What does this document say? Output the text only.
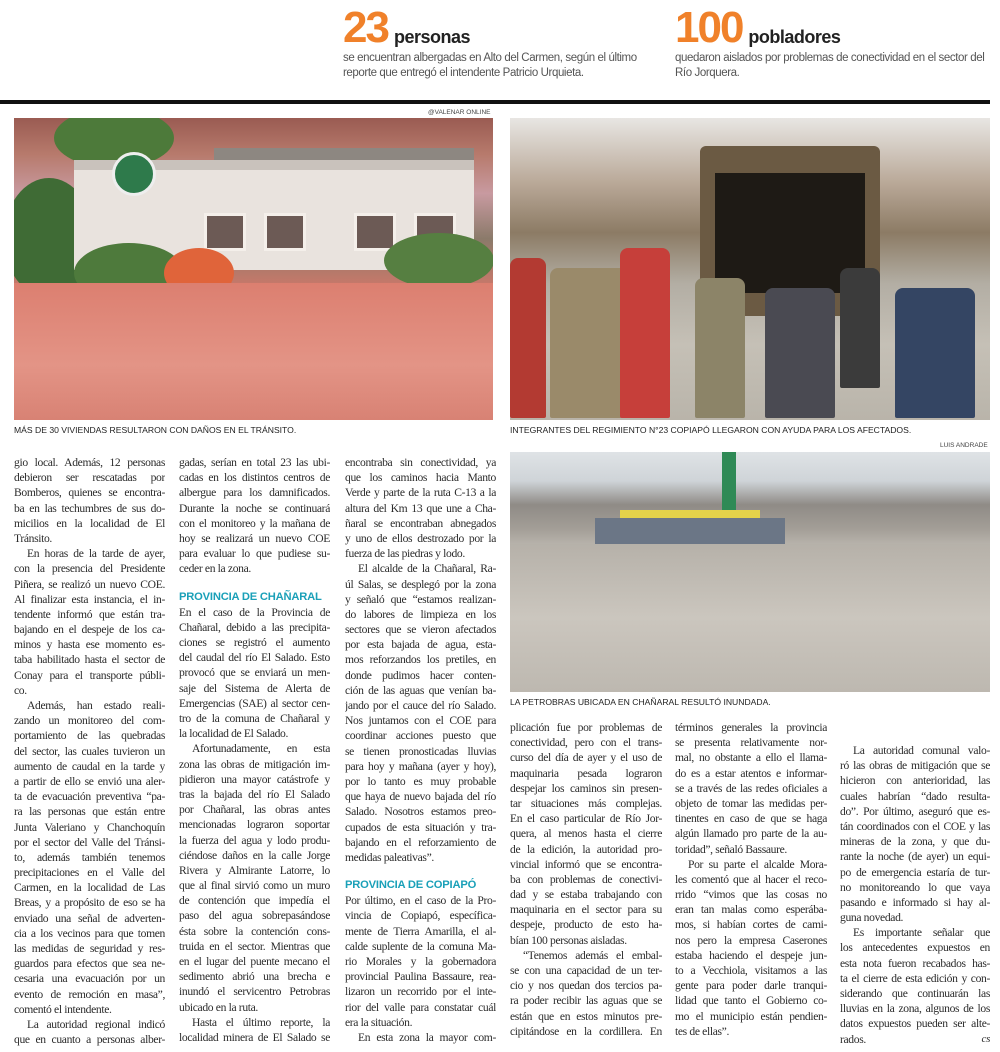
23 personas
se encuentran albergadas en Alto del Carmen, según el último reporte que entregó el intendente Patricio Urquieta.
100 pobladores
quedaron aislados por problemas de conectividad en el sector del Río Jorquera.
@VALENAR ONLINE
MÁS DE 30 VIVIENDAS RESULTARON CON DAÑOS EN EL TRÁNSITO.	INTEGRANTES DEL REGIMIENTO N°23 COPIAPÓ LLEGARON CON AYUDA PARA LOS AFECTADOS.
LUIS ANDRADE
LA PETROBRAS UBICADA EN CHAÑARAL RESULTÓ INUNDADA.
gio local. Además, 12 personas
debieron ser rescatadas por
Bomberos, quienes se encontra-
ba en las techumbres de sus do-
micilios en la localidad de El
Tránsito.
En horas de la tarde de ayer,
con la presencia del Presidente
Piñera, se realizó un nuevo COE.
Al finalizar esta instancia, el in-
tendente informó que están tra-
bajando en el despeje de los ca-
minos y hasta ese momento es-
taba habilitado hasta el sector de
Conay para el transporte públi-
co.
Además, han estado reali-
zando un monitoreo del com-
portamiento de las quebradas
del sector, las cuales tuvieron un
aumento de caudal en la tarde y
a partir de ello se envió una aler-
ta de evacuación preventiva “pa-
ra las personas que están entre
Junta Valeriano y Chanchoquín
por el sector del Valle del Tránsi-
to, además también tenemos
precipitaciones en el Valle del
Carmen, en la localidad de Las
Breas, y a propósito de eso se ha
enviado una señal de adverten-
cia a los vecinos para que tomen
las medidas de seguridad y res-
guardos para efectos que sea ne-
cesaria una evacuación por un
evento de remoción en masa”,
comentó el intendente.
La autoridad regional indicó
que en cuanto a personas alber-
gadas, serían en total 23 las ubi-
cadas en los distintos centros de
albergue para los damnificados.
Durante la noche se continuará
con el monitoreo y la mañana de
hoy se realizará un nuevo COE
para evaluar lo que pudiese su-
ceder en la zona.
PROVINCIA DE CHAÑARAL
En el caso de la Provincia de
Chañaral, debido a las precipita-
ciones se registró el aumento
del caudal del río El Salado. Esto
provocó que se enviará un men-
saje del Sistema de Alerta de
Emergencias (SAE) al sector cen-
tro de la comuna de Chañaral y
la localidad de El Salado.
Afortunadamente, en esta
zona las obras de mitigación im-
pidieron una mayor catástrofe y
tras la bajada del río El Salado
por Chañaral, las obras antes
mencionadas lograron soportar
la fuerza del agua y lodo produ-
ciéndose daños en la calle Jorge
Rivera y Almirante Latorre, lo
que al final sirvió como un muro
de contención que impedía el
paso del agua sobrepasándose
ésta sobre la contención cons-
truida en el sector. Mientras que
en el lugar del puente mecano el
sedimento abrió una brecha e
inundó el servicentro Petrobras
ubicado en la ruta.
Hasta el último reporte, la
localidad minera de El Salado se
encontraba sin conectividad, ya
que los caminos hacia Manto
Verde y parte de la ruta C-13 a la
altura del Km 13 que une a Cha-
ñaral se encontraban abnegados
y uno de ellos destrozado por la
fuerza de las piedras y lodo.
El alcalde de la Chañaral, Ra-
úl Salas, se desplegó por la zona
y señaló que “estamos realizan-
do labores de limpieza en los
sectores que se vieron afectados
por esta bajada de agua, esta-
mos reforzandos los pretiles, en
donde pudimos hacer conten-
ción de las aguas que venían ba-
jando por el cauce del río Salado.
Nos juntamos con el COE para
coordinar acciones puesto que
se tienen pronosticadas lluvias
para hoy y mañana (ayer y hoy),
por lo tanto es muy probable
que haya de nuevo bajada del río
Salado. Nosotros estamos preo-
cupados de esta situación y tra-
bajando en el reforzamiento de
medidas paleativas”.
PROVINCIA DE COPIAPÓ
Por último, en el caso de la Pro-
vincia de Copiapó, específica-
mente de Tierra Amarilla, el al-
calde suplente de la comuna Ma-
rio Morales y la gobernadora
provincial Paulina Bassaure, rea-
lizaron un recorrido por el inte-
rior del valle para constatar cuál
era la situación.
En esta zona la mayor com-
plicación fue por problemas de
conectividad, pero con el trans-
curso del día de ayer y el uso de
maquinaria pesada lograron
despejar los caminos sin presen-
tar situaciones más complejas.
En el caso particular de Río Jor-
quera, al menos hasta el cierre
de la edición, la autoridad pro-
vincial informó que se encontra-
ba con problemas de conectivi-
dad y se estaba trabajando con
maquinaria en el sector para su
despeje, producto de esto ha-
bían 100 personas aisladas.
“Tenemos además el embal-
se con una capacidad de un ter-
cio y nos quedan dos tercios pa-
ra poder recibir las aguas que se
están que en estos minutos pre-
cipitándose en la cordillera. En
términos generales la provincia
se presenta relativamente nor-
mal, no obstante a ello el llama-
do es a estar atentos e informar-
se a través de las redes oficiales a
objeto de tomar las medidas per-
tinentes en caso de que se haga
algún llamado pro parte de la au-
toridad”, señaló Bassaure.
Por su parte el alcalde Mora-
les comentó que al hacer el reco-
rrido “vimos que las cosas no
eran tan malas como esperába-
mos, si habían cortes de cami-
nos pero la empresa Caserones
estaba haciendo el despeje jun-
to a Vecchiola, visitamos a las
gente para poder darle tranqui-
lidad que tanto el Gobierno co-
mo el municipio están pendien-
tes de ellas”.
La autoridad comunal valo-
ró las obras de mitigación que se
hicieron con anterioridad, las
cuales habrían “dado resulta-
do”. Por último, aseguró que es-
tán coordinados con el COE y las
mineras de la zona, y que du-
rante la noche (de ayer) un equi-
po de emergencia estaría de tur-
no monitoreando lo que vaya
pasando e informado si hay al-
guna novedad.
Es importante señalar que
los antecedentes expuestos en
esta nota fueron recabados has-
ta el cierre de esta edición y con-
siderando que continuarán las
lluvias en la zona, algunos de los
datos expuestos pueden ser alte-
rados.	cs
